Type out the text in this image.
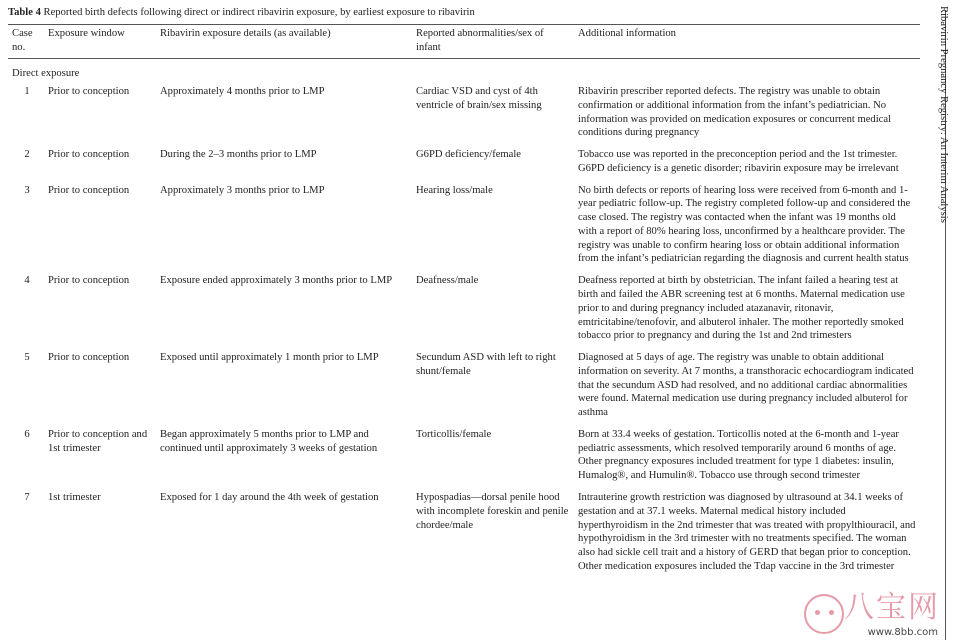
Table 4 Reported birth defects following direct or indirect ribavirin exposure, by earliest exposure to ribavirin
Case no.	Exposure window	Ribavirin exposure details (as available)	Reported abnormalities/sex of infant	Additional information
Direct exposure				
1	Prior to conception	Approximately 4 months prior to LMP	Cardiac VSD and cyst of 4th ventricle of brain/sex missing	Ribavirin prescriber reported defects. The registry was unable to obtain confirmation or additional information from the infant’s pediatrician. No information was provided on medication exposures or concurrent medical conditions during pregnancy
2	Prior to conception	During the 2–3 months prior to LMP	G6PD deficiency/female	Tobacco use was reported in the preconception period and the 1st trimester. G6PD deficiency is a genetic disorder; ribavirin exposure may be irrelevant
3	Prior to conception	Approximately 3 months prior to LMP	Hearing loss/male	No birth defects or reports of hearing loss were received from 6-month and 1-year pediatric follow-up. The registry completed follow-up and considered the case closed. The registry was contacted when the infant was 19 months old with a report of 80% hearing loss, unconfirmed by a healthcare provider. The registry was unable to confirm hearing loss or obtain additional information from the infant’s pediatrician regarding the diagnosis and current health status
4	Prior to conception	Exposure ended approximately 3 months prior to LMP	Deafness/male	Deafness reported at birth by obstetrician. The infant failed a hearing test at birth and failed the ABR screening test at 6 months. Maternal medication use prior to and during pregnancy included atazanavir, ritonavir, emtricitabine/tenofovir, and albuterol inhaler. The mother reportedly smoked tobacco prior to pregnancy and during the 1st and 2nd trimesters
5	Prior to conception	Exposed until approximately 1 month prior to LMP	Secundum ASD with left to right shunt/female	Diagnosed at 5 days of age. The registry was unable to obtain additional information on severity. At 7 months, a transthoracic echocardiogram indicated that the secundum ASD had resolved, and no additional cardiac abnormalities were found. Maternal medication use during pregnancy included albuterol for asthma
6	Prior to conception and 1st trimester	Began approximately 5 months prior to LMP and continued until approximately 3 weeks of gestation	Torticollis/female	Born at 33.4 weeks of gestation. Torticollis noted at the 6-month and 1-year pediatric assessments, which resolved temporarily around 6 months of age. Other pregnancy exposures included treatment for type 1 diabetes: insulin, Humalog®, and Humulin®. Tobacco use through second trimester
7	1st trimester	Exposed for 1 day around the 4th week of gestation	Hypospadias—dorsal penile hood with incomplete foreskin and penile chordee/male	Intrauterine growth restriction was diagnosed by ultrasound at 34.1 weeks of gestation and at 37.1 weeks. Maternal medical history included hyperthyroidism in the 2nd trimester that was treated with propylthiouracil, and hypothyroidism in the 3rd trimester with no treatments specified. The woman also had sickle cell trait and a history of GERD that began prior to conception. Other medication exposures included the Tdap vaccine in the 3rd trimester
Ribavirin Pregnancy Registry: An Interim Analysis
八宝网
www.8bb.com
